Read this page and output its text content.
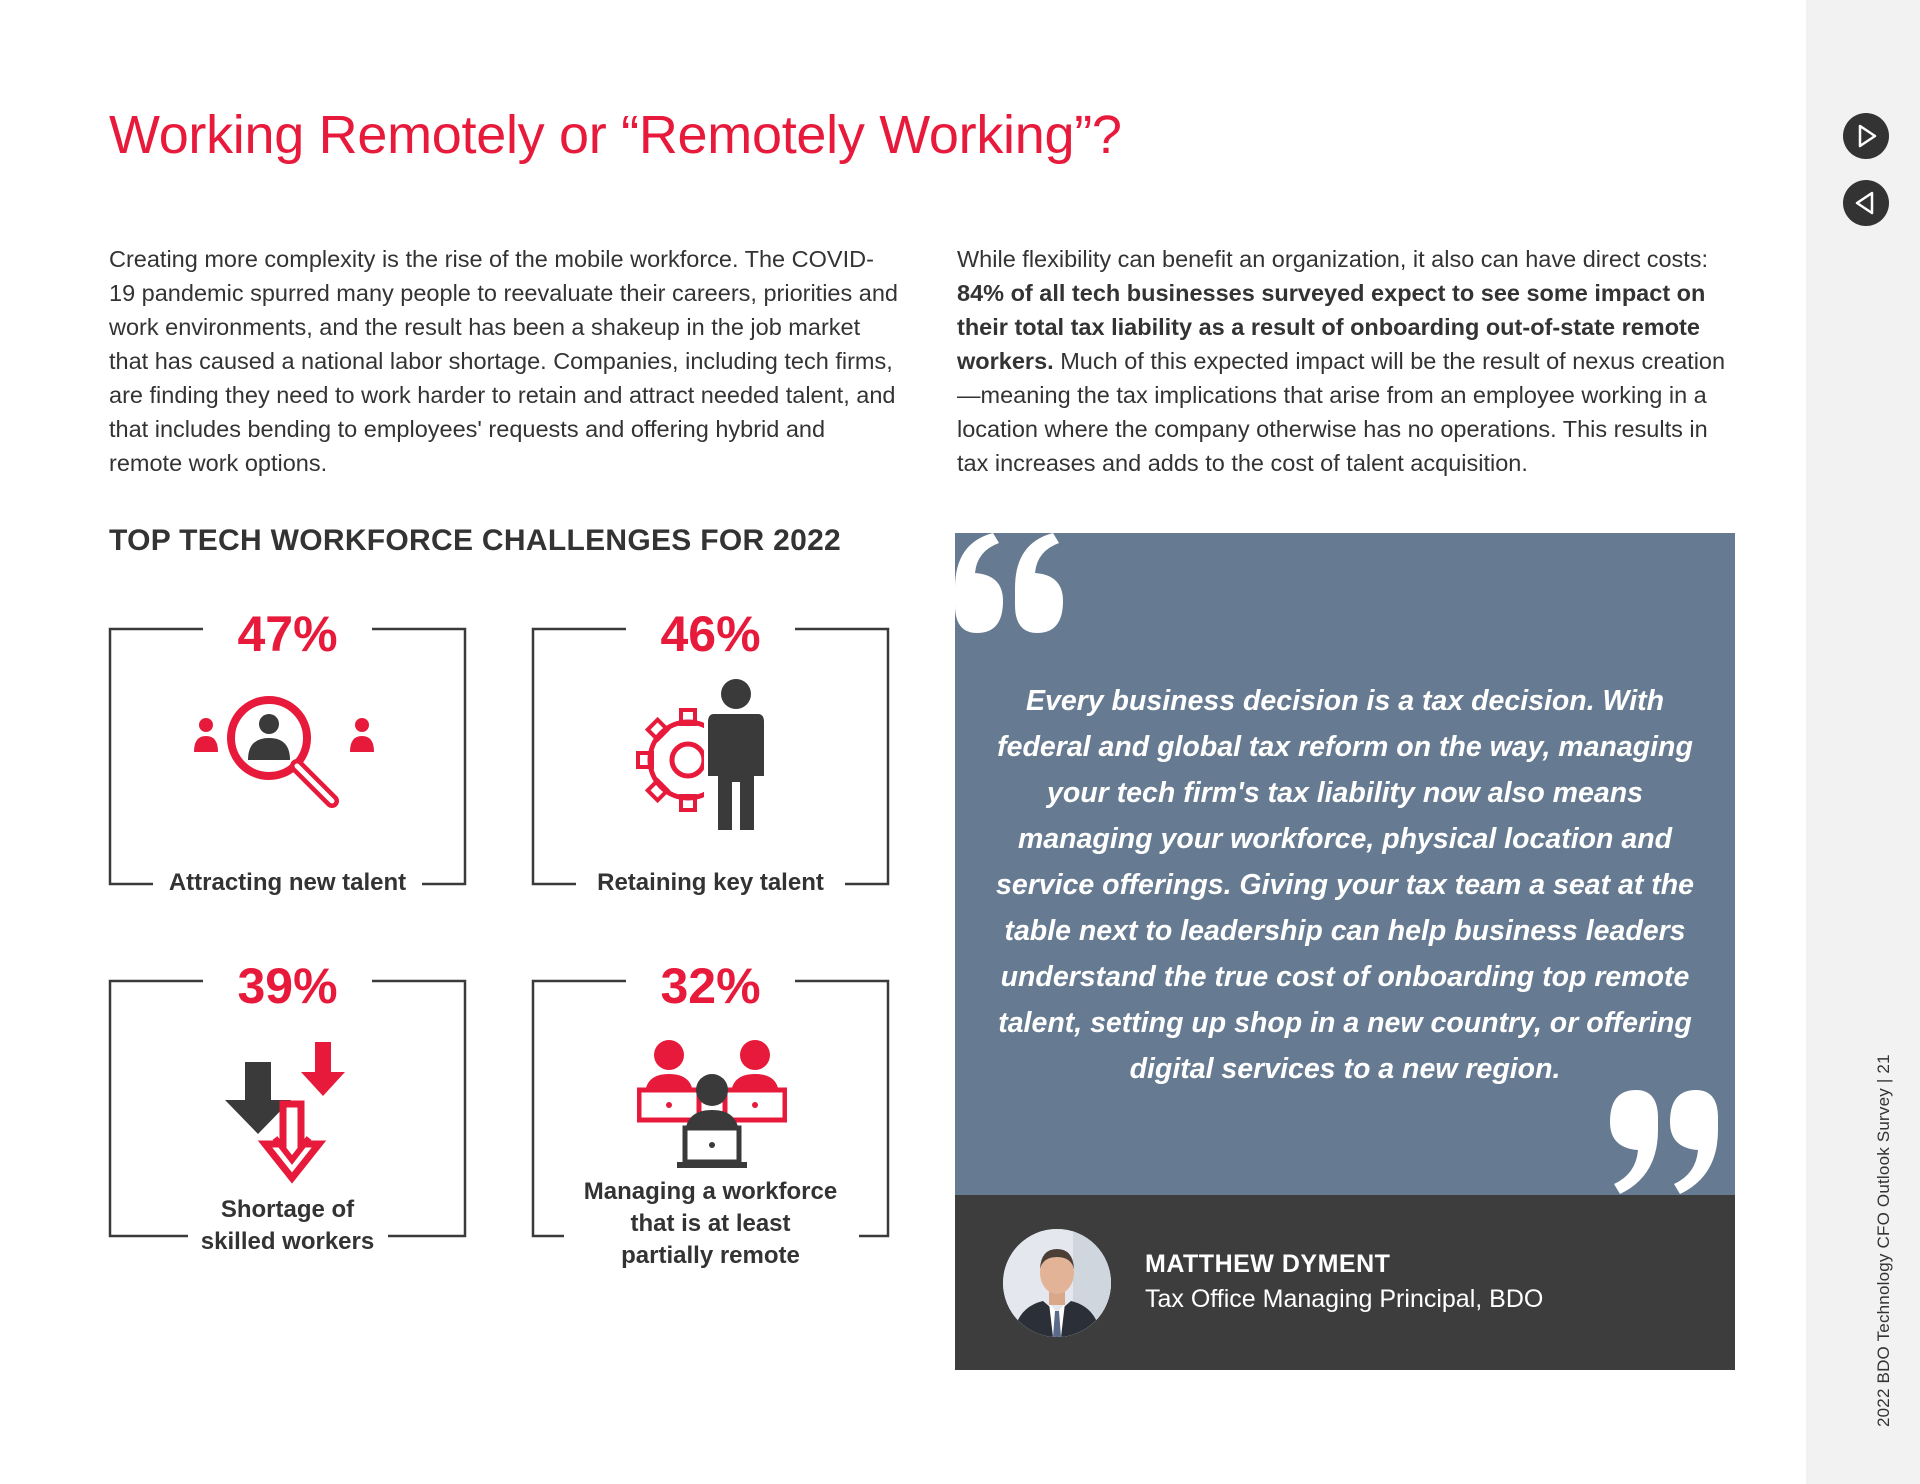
Working Remotely or “Remotely Working”?

Creating more complexity is the rise of the mobile workforce. The COVID-19 pandemic spurred many people to reevaluate their careers, priorities and work environments, and the result has been a shakeup in the job market that has caused a national labor shortage. Companies, including tech firms, are finding they need to work harder to retain and attract needed talent, and that includes bending to employees' requests and offering hybrid and remote work options.

While flexibility can benefit an organization, it also can have direct costs: 84% of all tech businesses surveyed expect to see some impact on their total tax liability as a result of onboarding out-of-state remote workers. Much of this expected impact will be the result of nexus creation—meaning the tax implications that arise from an employee working in a location where the company otherwise has no operations. This results in tax increases and adds to the cost of talent acquisition.

TOP TECH WORKFORCE CHALLENGES FOR 2022
47%
Attracting new talent
46%
Retaining key talent
39%
Shortage of
skilled workers
32%
Managing a workforce
that is at least
partially remote
Every business decision is a tax decision. With federal and global tax reform on the way, managing your tech firm's tax liability now also means managing your workforce, physical location and service offerings. Giving your tax team a seat at the table next to leadership can help business leaders understand the true cost of onboarding top remote talent, setting up shop in a new country, or offering digital services to a new region.
MATTHEW DYMENT
Tax Office Managing Principal, BDO	2022 BDO Technology CFO Outlook Survey | 21
